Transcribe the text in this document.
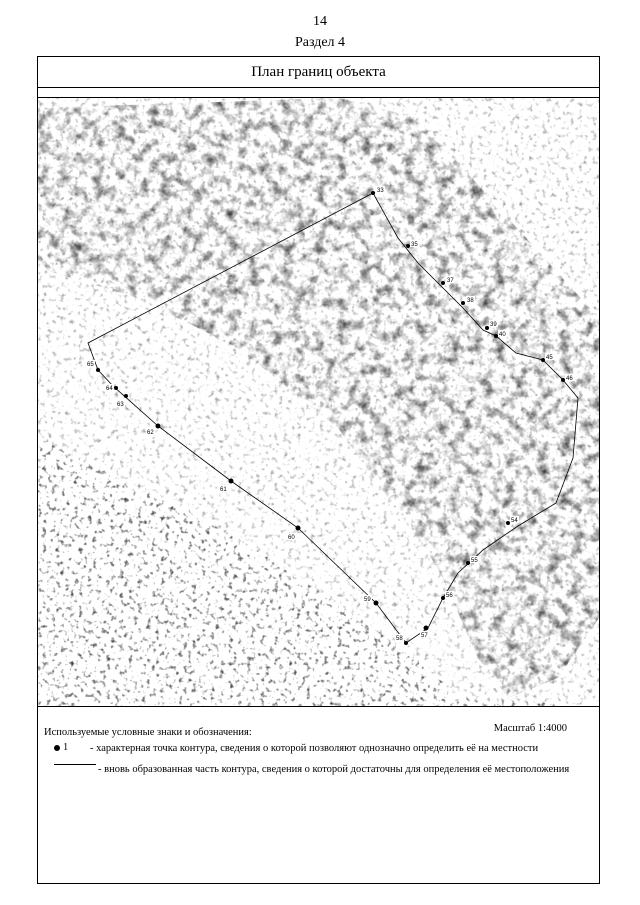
14
Раздел 4
План границ объекта
33
35
37
38
39
40
45
46
54
55
56
57
58
59
60
61
62
63
64
65
Используемые условные знаки и обозначения:	Масштаб 1:4000
1 - характерная точка контура, сведения о которой позволяют однозначно определить её на местности
- вновь образованная часть контура, сведения о которой достаточны для определения её местоположения
